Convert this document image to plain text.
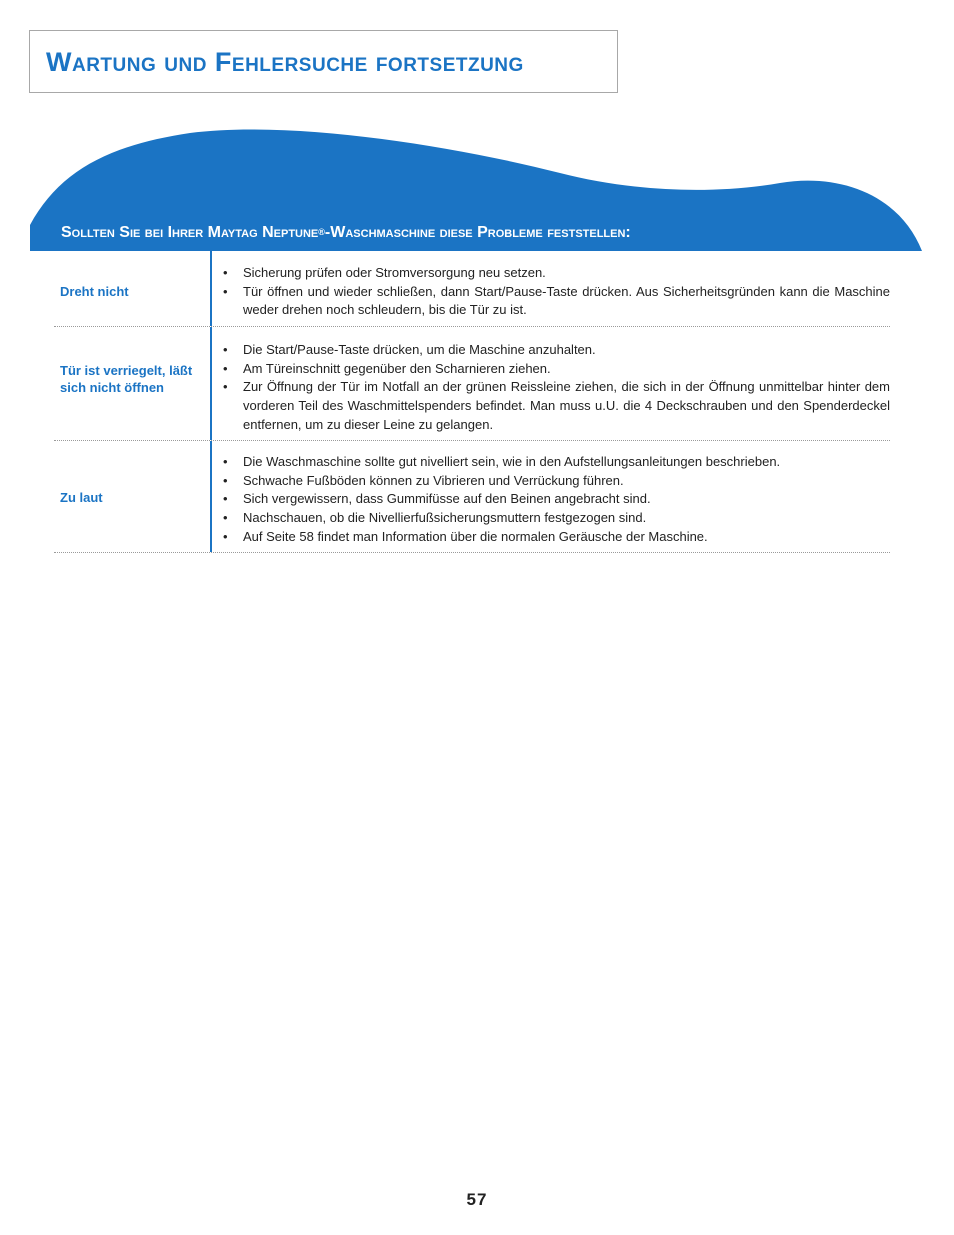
Wartung und Fehlersuche fortsetzung
Sollten Sie bei Ihrer Maytag Neptune®-Waschmaschine diese Probleme feststellen:
Dreht nicht
• Sicherung prüfen oder Stromversorgung neu setzen.
• Tür öffnen und wieder schließen, dann Start/Pause-Taste drücken. Aus Sicherheitsgründen kann die Maschine weder drehen noch schleudern, bis die Tür zu ist.
Tür ist verriegelt, läßt sich nicht öffnen
• Die Start/Pause-Taste drücken, um die Maschine anzuhalten.
• Am Türeinschnitt gegenüber den Scharnieren ziehen.
• Zur Öffnung der Tür im Notfall an der grünen Reissleine ziehen, die sich in der Öffnung unmittelbar hinter dem vorderen Teil des Waschmittelspenders befindet. Man muss u.U. die 4 Deckschrauben und den Spenderdeckel entfernen, um zu dieser Leine zu gelangen.
Zu laut
• Die Waschmaschine sollte gut nivelliert sein, wie in den Aufstellungsanleitungen beschrieben.
• Schwache Fußböden können zu Vibrieren und Verrückung führen.
• Sich vergewissern, dass Gummifüsse auf den Beinen angebracht sind.
• Nachschauen, ob die Nivellierfußsicherungsmuttern festgezogen sind.
• Auf Seite 58 findet man Information über die normalen Geräusche der Maschine.
57
